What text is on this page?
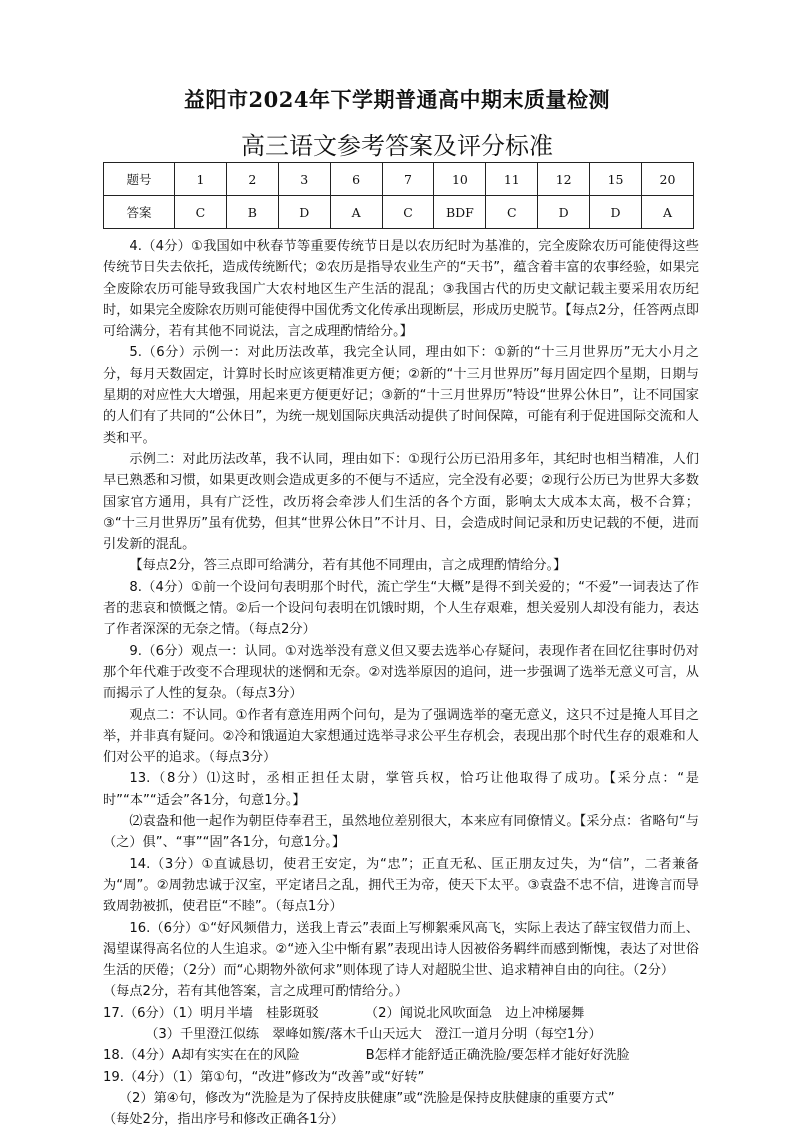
益阳市2024年下学期普通高中期末质量检测
高三语文参考答案及评分标准
题号	1	2	3	6	7	10	11	12	15	20
答案	C	B	D	A	C	BDF	C	D	D	A

4.（4分）①我国如中秋春节等重要传统节日是以农历纪时为基准的，完全废除农历可能使得这些传统节日失去依托，造成传统断代；②农历是指导农业生产的“天书”，蕴含着丰富的农事经验，如果完全废除农历可能导致我国广大农村地区生产生活的混乱；③我国古代的历史文献记载主要采用农历纪时，如果完全废除农历则可能使得中国优秀文化传承出现断层，形成历史脱节。【每点2分，任答两点即可给满分，若有其他不同说法，言之成理酌情给分。】

5.（6分）示例一：对此历法改革，我完全认同，理由如下：①新的“十三月世界历”无大小月之分，每月天数固定，计算时长时应该更精准更方便；②新的“十三月世界历”每月固定四个星期，日期与星期的对应性大大增强，用起来更方便更好记；③新的“十三月世界历”特设“世界公休日”，让不同国家的人们有了共同的“公休日”，为统一规划国际庆典活动提供了时间保障，可能有利于促进国际交流和人类和平。

示例二：对此历法改革，我不认同，理由如下：①现行公历已沿用多年，其纪时也相当精准，人们早已熟悉和习惯，如果更改则会造成更多的不便与不适应，完全没有必要；②现行公历已为世界大多数国家官方通用，具有广泛性，改历将会牵涉人们生活的各个方面，影响太大成本太高，极不合算；③“十三月世界历”虽有优势，但其“世界公休日”不计月、日，会造成时间记录和历史记载的不便，进而引发新的混乱。

【每点2分，答三点即可给满分，若有其他不同理由，言之成理酌情给分。】

8.（4分）①前一个设问句表明那个时代，流亡学生“大概”是得不到关爱的；“不爱”一词表达了作者的悲哀和愤慨之情。②后一个设问句表明在饥饿时期，个人生存艰难，想关爱别人却没有能力，表达了作者深深的无奈之情。（每点2分）

9.（6分）观点一：认同。①对选举没有意义但又要去选举心存疑问，表现作者在回忆往事时仍对那个年代难于改变不合理现状的迷惘和无奈。②对选举原因的追问，进一步强调了选举无意义可言，从而揭示了人性的复杂。（每点3分）

观点二：不认同。①作者有意连用两个问句，是为了强调选举的毫无意义，这只不过是掩人耳目之举，并非真有疑问。②冷和饿逼迫大家想通过选举寻求公平生存机会，表现出那个时代生存的艰难和人们对公平的追求。（每点3分）

13.（8分）⑴这时，丞相正担任太尉，掌管兵权，恰巧让他取得了成功。【采分点：“是时”“本”“适会”各1分，句意1分。】

⑵袁盎和他一起作为朝臣侍奉君王，虽然地位差别很大，本来应有同僚情义。【采分点：省略句“与（之）俱”、“事”“固”各1分，句意1分。】

14.（3分）①直诚恳切，使君王安定，为“忠”；正直无私、匡正朋友过失，为“信”，二者兼备为“周”。②周勃忠诚于汉室，平定诸吕之乱，拥代王为帝，使天下太平。③袁盎不忠不信，进谗言而导致周勃被抓，使君臣“不睦”。（每点1分）

16.（6分）①“好风频借力，送我上青云”表面上写柳絮乘风高飞，实际上表达了薛宝钗借力而上、渴望谋得高名位的人生追求。②“迹入尘中惭有累”表现出诗人因被俗务羁绊而感到惭愧，表达了对世俗生活的厌倦；（2分）而“心期物外欲何求”则体现了诗人对超脱尘世、追求精神自由的向往。（2分）

（每点2分，若有其他答案，言之成理可酌情给分。）

17.（6分）（1）明月半墙　桂影斑驳　　　　（2）闻说北风吹面急　边上冲梯屡舞

（3）千里澄江似练　翠峰如簇/落木千山天远大　澄江一道月分明（每空1分）

18.（4分）A却有实实在在的风险　　　　　B怎样才能舒适正确洗脸/要怎样才能好好洗脸

19.（4分）（1）第①句，“改进”修改为“改善”或“好转”

（2）第④句，修改为“洗脸是为了保持皮肤健康”或“洗脸是保持皮肤健康的重要方式”

（每处2分，指出序号和修改正确各1分）
